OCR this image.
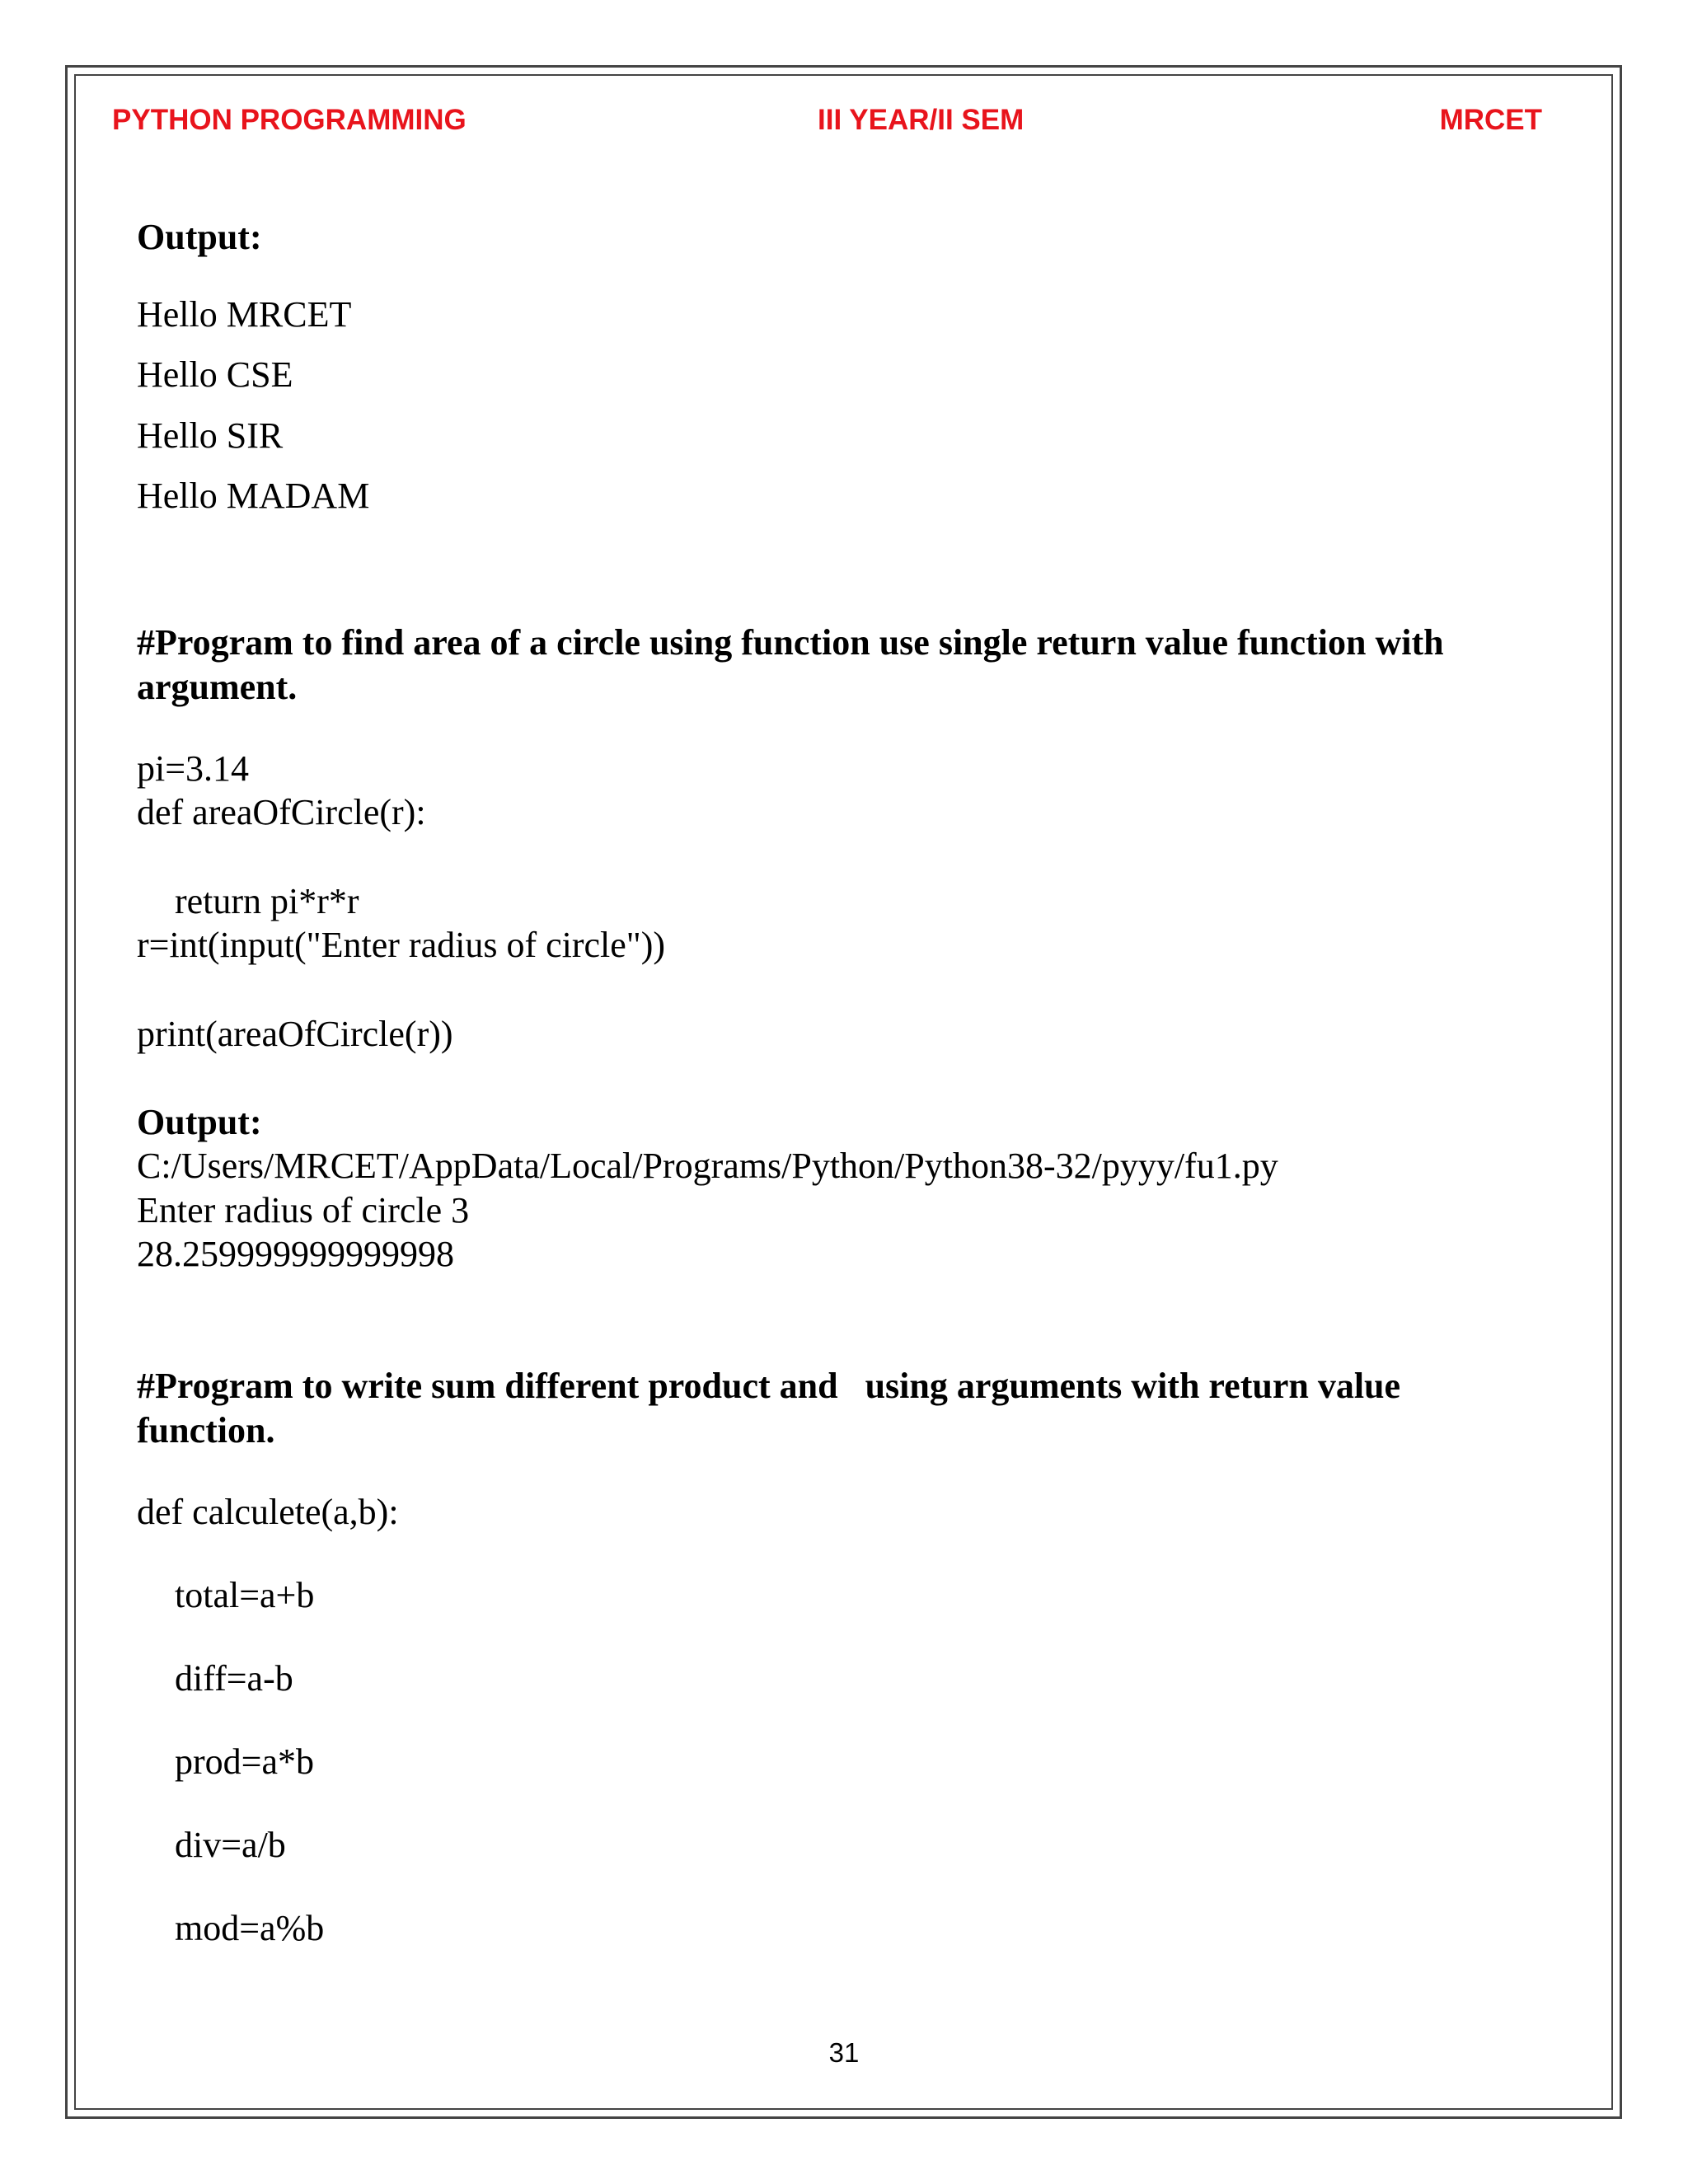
PYTHON PROGRAMMING	III YEAR/II SEM	MRCET
Output:
Hello MRCET
Hello CSE
Hello SIR
Hello MADAM
#Program to find area of a circle using function use single return value function with
argument.
pi=3.14
def areaOfCircle(r):
return pi*r*r
r=int(input("Enter radius of circle"))
print(areaOfCircle(r))
Output:
C:/Users/MRCET/AppData/Local/Programs/Python/Python38-32/pyyy/fu1.py
Enter radius of circle 3
28.259999999999998
#Program to write sum different product and   using arguments with return value
function.
def calculete(a,b):
total=a+b
diff=a-b
prod=a*b
div=a/b
mod=a%b
31
